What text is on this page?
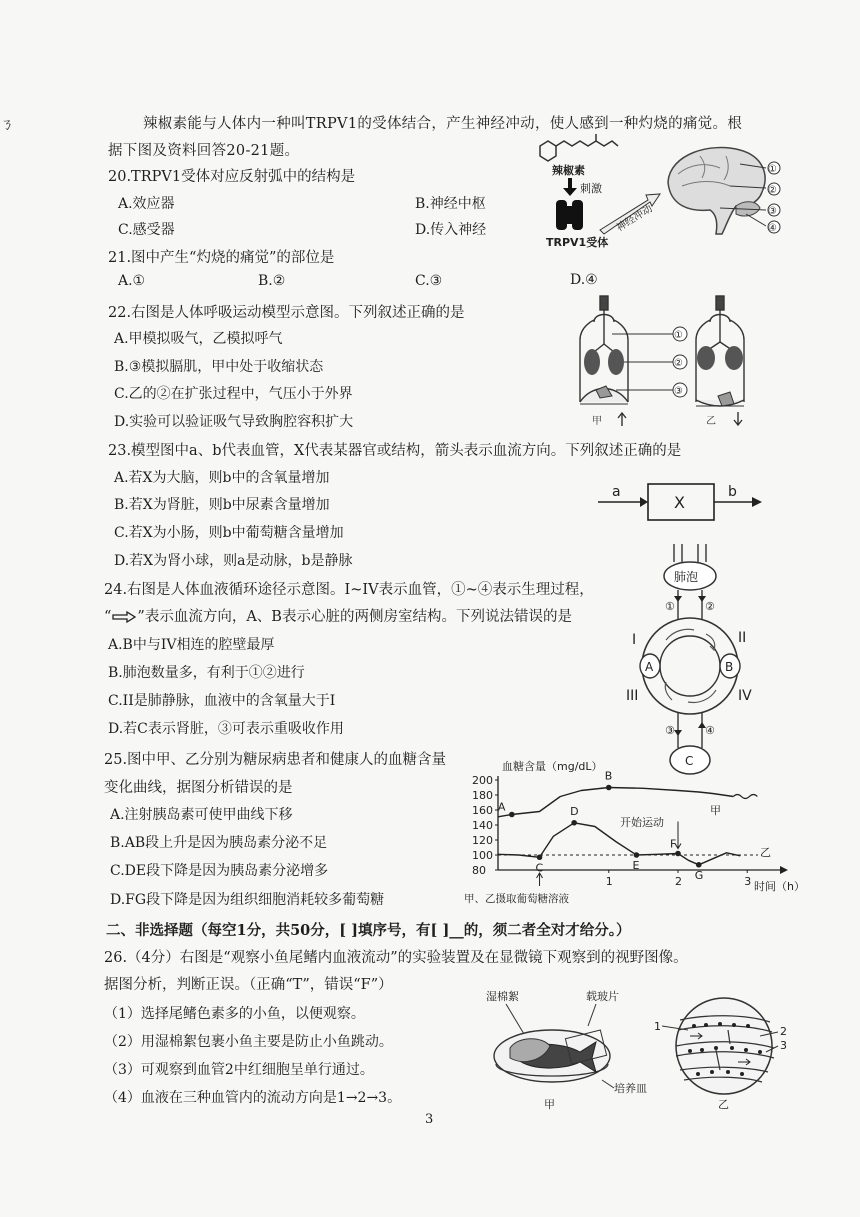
ㄋ	辣椒素能与人体内一种叫TRPV1的受体结合，产生神经冲动，使人感到一种灼烧的痛觉。根
据下图及资料回答20-21题。
20.TRPV1受体对应反射弧中的结构是
A.效应器	B.神经中枢
C.感受器	D.传入神经
21.图中产生“灼烧的痛觉”的部位是
A.①	B.②	C.③	D.④
辣椒素
刺激
TRPV1受体
神经冲动
①
②
③
④
22.右图是人体呼吸运动模型示意图。下列叙述正确的是
A.甲模拟吸气，乙模拟呼气
B.③模拟膈肌，甲中处于收缩状态
C.乙的②在扩张过程中，气压小于外界
D.实验可以验证吸气导致胸腔容积扩大	甲
①
②
③
乙
23.模型图中a、b代表血管，X代表某器官或结构，箭头表示血流方向。下列叙述正确的是
A.若X为大脑，则b中的含氧量增加
B.若X为肾脏，则b中尿素含量增加
C.若X为小肠，则b中葡萄糖含量增加
D.若X为肾小球，则a是动脉，b是静脉
a
X
b
24.右图是人体血液循环途径示意图。I~IV表示血管，①~④表示生理过程，
“ ”表示血流方向，A、B表示心脏的两侧房室结构。下列说法错误的是
A.B中与IV相连的腔壁最厚
B.肺泡数量多，有利于①②进行
C.II是肺静脉，血液中的含氧量大于I
D.若C表示肾脏，③可表示重吸收作用
肺泡
①	②
A	B
I	II
III	IV
③	④
C
25.图中甲、乙分别为糖尿病患者和健康人的血糖含量
变化曲线，据图分析错误的是
A.注射胰岛素可使甲曲线下移
B.AB段上升是因为胰岛素分泌不足
C.DE段下降是因为胰岛素分泌增多
D.FG段下降是因为组织细胞消耗较多葡萄糖
血糖含量（mg/dL）
时间（h）
甲、乙摄取葡萄糖溶液
开始运动
甲
乙
200
180
160
140
120
100
80
1	2	3
A
B
C
D
E
F
G
二、非选择题（每空1分，共50分，[ ]填序号，有[ ]__的，须二者全对才给分。）
26.（4分）右图是“观察小鱼尾鳍内血液流动”的实验装置及在显微镜下观察到的视野图像。
据图分析，判断正误。（正确“T”，错误“F”）
（1）选择尾鳍色素多的小鱼，以便观察。
（2）用湿棉絮包裹小鱼主要是防止小鱼跳动。
（3）可观察到血管2中红细胞呈单行通过。
（4）血液在三种血管内的流动方向是1→2→3。
湿棉絮	载玻片
培养皿
甲
1	2
3
乙
3
